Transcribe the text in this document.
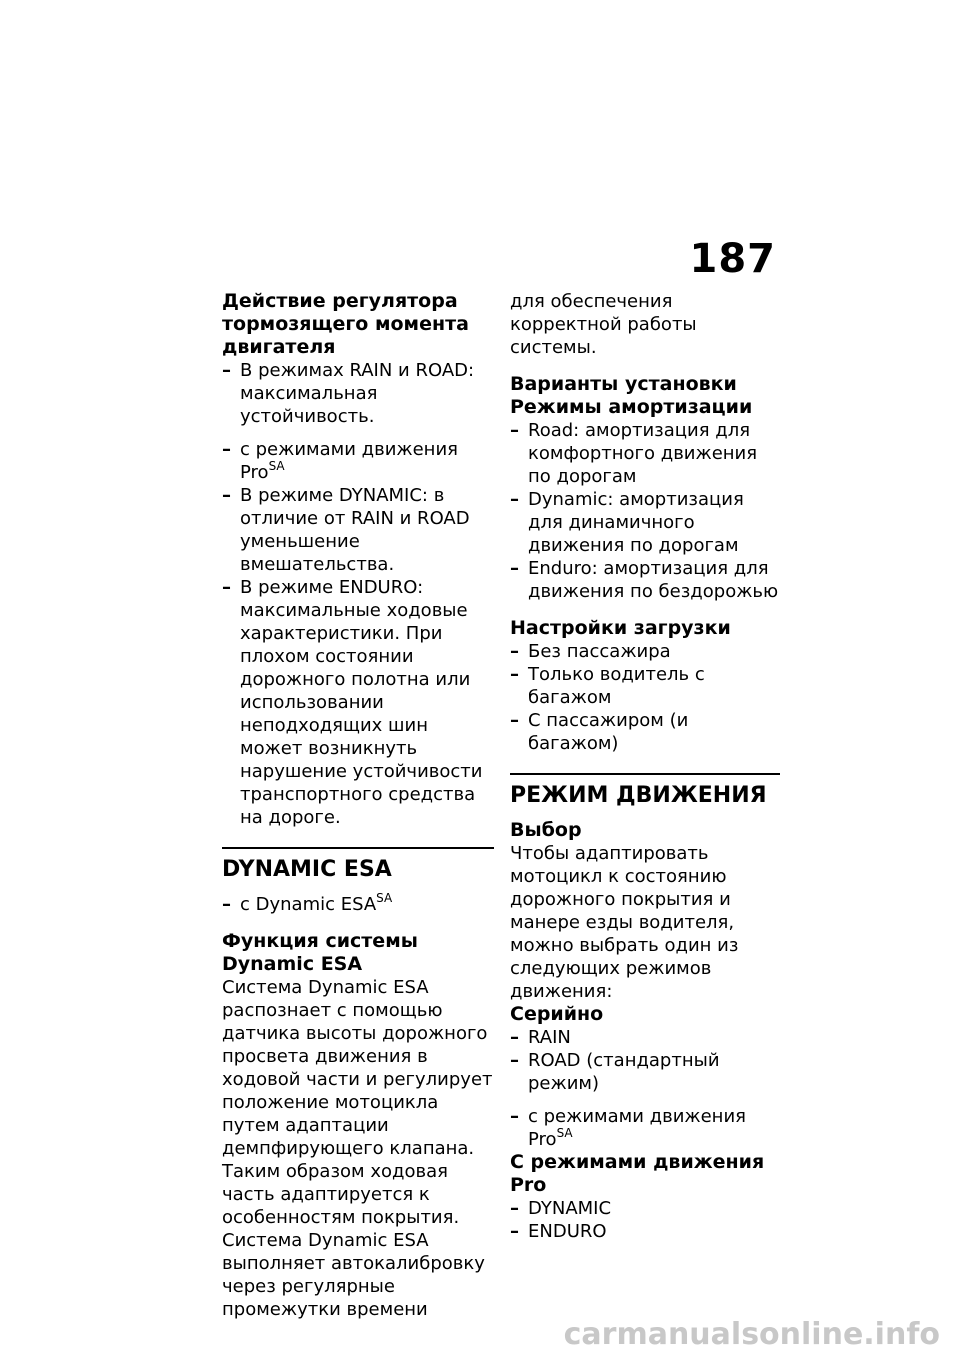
187
Действие регулятора тормозящего момента двигателя
– В режимах RAIN и ROAD: максимальная устойчивость.
– с режимами движения Pro$^{SA}$
– В режиме DYNAMIC: в отличие от RAIN и ROAD уменьшение вмешательства.
– В режиме ENDURO: максимальные ходовые характеристики. При плохом состоянии дорожного полотна или использовании неподходящих шин может возникнуть нарушение устойчивости транспортного средства на дороге.
DYNAMIC ESA
– с Dynamic $ESA^{SA}$
Функция системы Dynamic ESA

Система Dynamic ESA распознает с помощью датчика высоты дорожного просвета движения в ходовой части и регулирует положение мотоцикла путем адаптации демпфирующего клапана. Таким образом ходовая часть адаптируется к особенностям покрытия.

Система Dynamic ESA выполняет автокалибровку через регулярные промежутки времени

для обеспечения корректной работы системы.

Варианты установки
Режимы амортизации
– Road: амортизация для комфортного движения по дорогам
– Dynamic: амортизация для динамичного движения по дорогам
– Enduro: амортизация для движения по бездорожью
Настройки загрузки
– Без пассажира
– Только водитель с багажом
– С пассажиром (и багажом)
РЕЖИМ ДВИЖЕНИЯ
Выбор

Чтобы адаптировать мотоцикл к состоянию дорожного покрытия и манере езды водителя, можно выбрать один из следующих режимов движения:

Серийно
– RAIN
– ROAD (стандартный режим)
– с режимами движения Pro$^{SA}$
С режимами движения Pro
– DYNAMIC
– ENDURO
carmanualsonline.info
